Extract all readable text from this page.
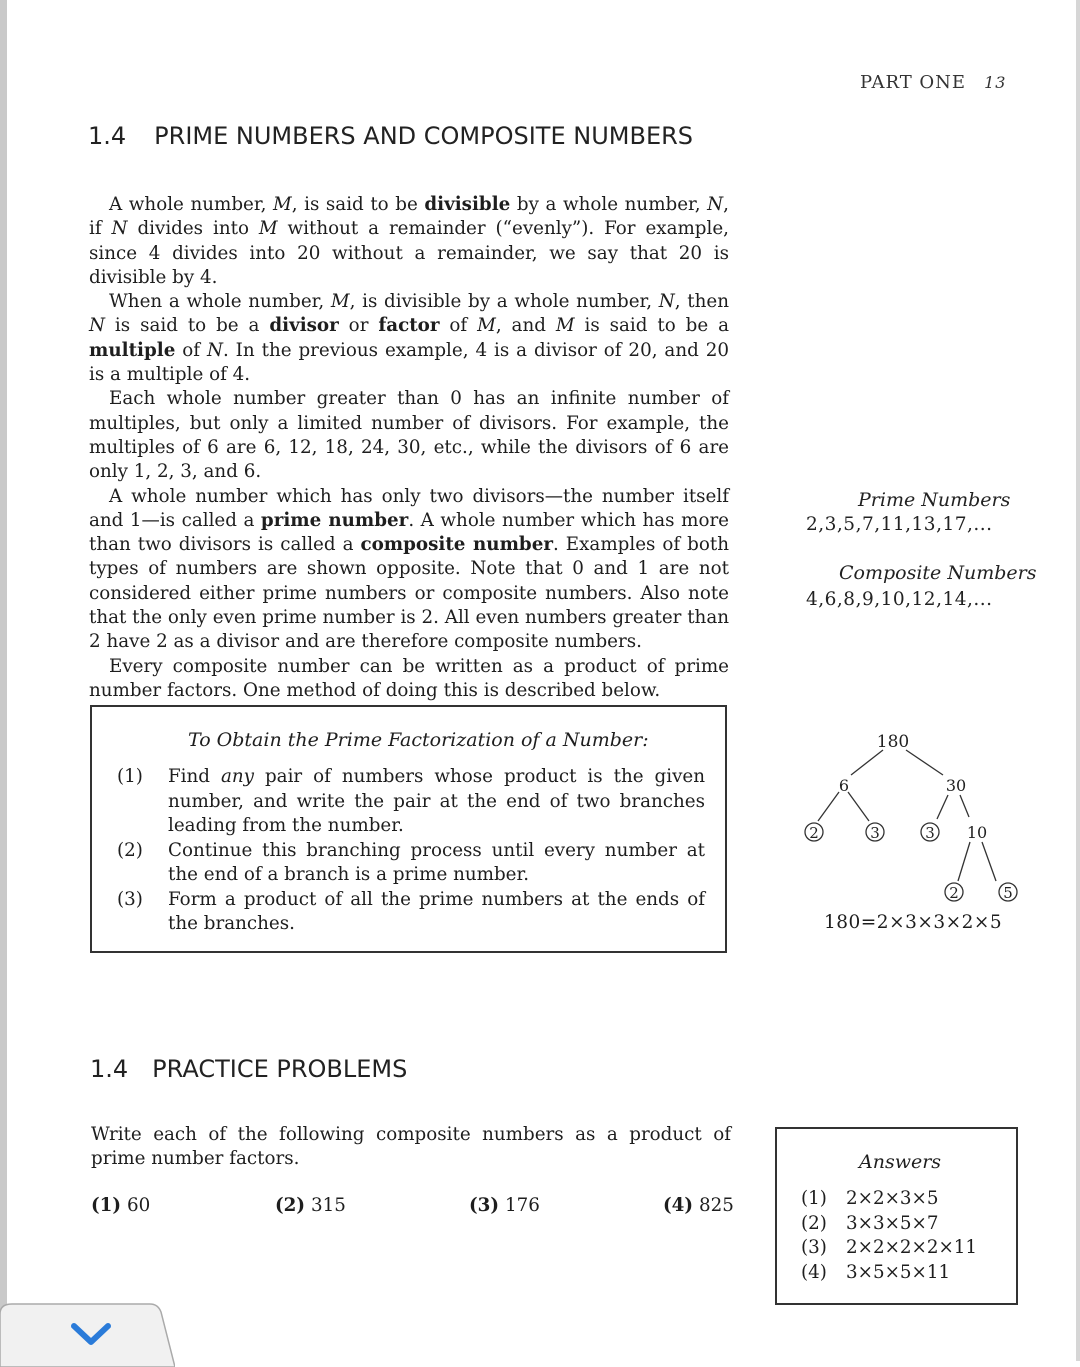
PART ONE 13
1.4 PRIME NUMBERS AND COMPOSITE NUMBERS

A whole number, M, is said to be divisible by a whole number, N, if N divides into M without a remainder (“evenly”). For example, since 4 divides into 20 without a remainder, we say that 20 is divisible by 4.

When a whole number, M, is divisible by a whole number, N, then N is said to be a divisor or factor of M, and M is said to be a multiple of N. In the previous example, 4 is a divisor of 20, and 20 is a multiple of 4.

Each whole number greater than 0 has an infinite number of multiples, but only a limited number of divisors. For example, the multiples of 6 are 6, 12, 18, 24, 30, etc., while the divisors of 6 are only 1, 2, 3, and 6.

A whole number which has only two divisors—the number itself and 1—is called a prime number. A whole number which has more than two divisors is called a composite number. Examples of both types of numbers are shown opposite. Note that 0 and 1 are not considered either prime numbers or composite numbers. Also note that the only even prime number is 2. All even numbers greater than 2 have 2 as a divisor and are therefore composite numbers.

Every composite number can be written as a product of prime number factors. One method of doing this is described below.

Prime Numbers
2,3,5,7,11,13,17,...
Composite Numbers
4,6,8,9,10,12,14,...
To Obtain the Prime Factorization of a Number:
(1)	Find any pair of numbers whose product is the given number, and write the pair at the end of two branches leading from the number.
(2)	Continue this branching process until every number at the end of a branch is a prime number.
(3)	Form a product of all the prime numbers at the ends of the branches.
180
6	30
2	3	3 10
2	5
180=2×3×3×2×5
1.4 PRACTICE PROBLEMS
Write each of the following composite numbers as a product of prime number factors.
(1) 60	(2) 315	(3) 176	(4) 825
Answers
(1)	2×2×3×5
(2)	3×3×5×7
(3)	2×2×2×2×11
(4)	3×5×5×11
